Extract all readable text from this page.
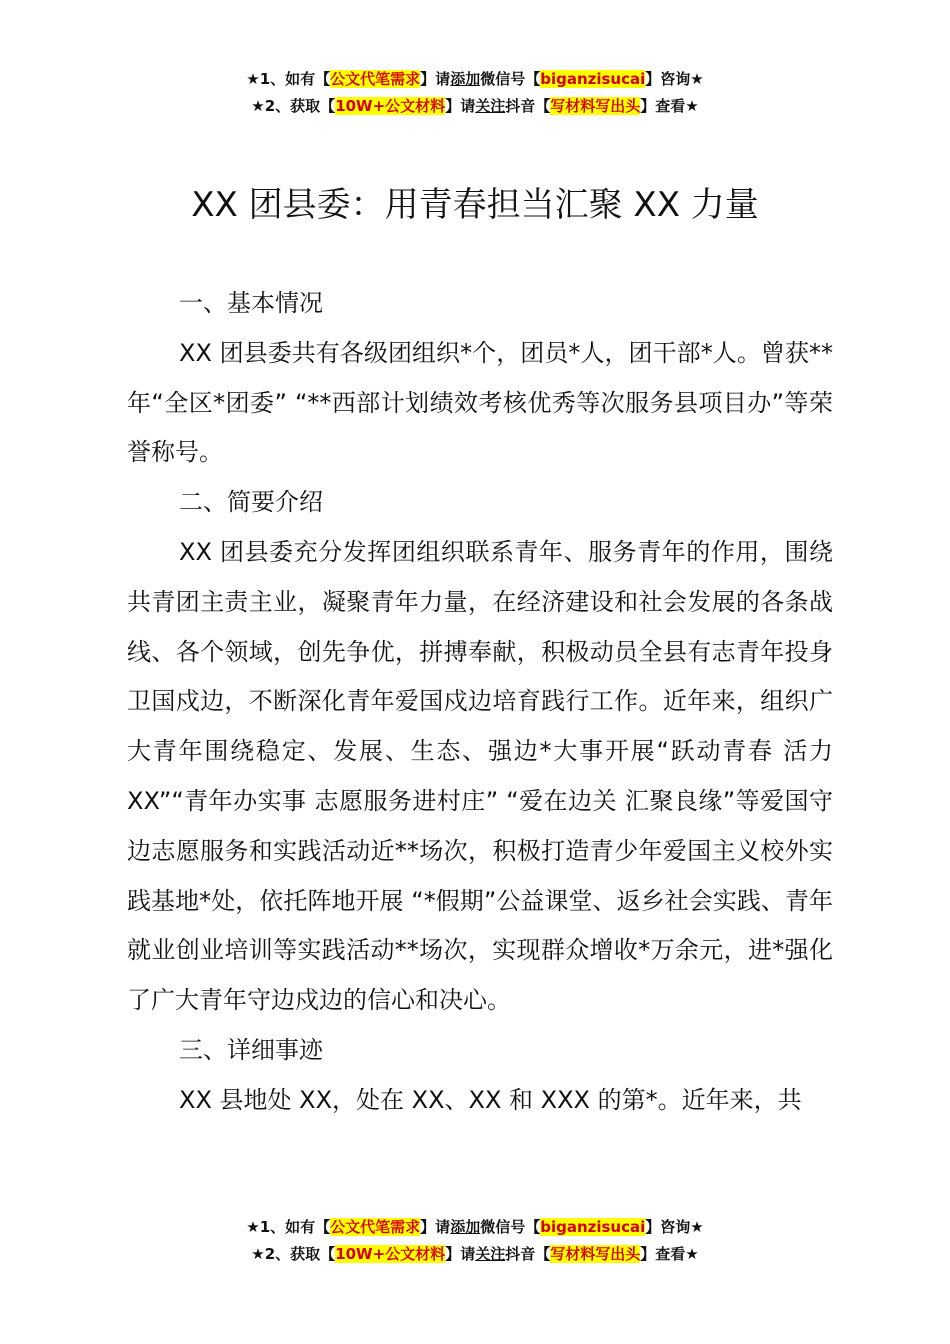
★1、如有【公文代笔需求】请添加微信号【biganzisucai】咨询★
★2、获取【10W+公文材料】请关注抖音【写材料写出头】查看★
XX 团县委：用青春担当汇聚 XX 力量

一、基本情况

XX 团县委共有各级团组织*个，团员*人，团干部*人。曾获**年“全区*团委” “**西部计划绩效考核优秀等次服务县项目办”等荣誉称号。

二、简要介绍

XX 团县委充分发挥团组织联系青年、服务青年的作用，围绕共青团主责主业，凝聚青年力量，在经济建设和社会发展的各条战线、各个领域，创先争优，拼搏奉献，积极动员全县有志青年投身卫国戍边，不断深化青年爱国戍边培育践行工作。近年来，组织广大青年围绕稳定、发展、生态、强边*大事开展“跃动青春 活力 XX”“青年办实事 志愿服务进村庄” “爱在边关 汇聚良缘”等爱国守边志愿服务和实践活动近**场次，积极打造青少年爱国主义校外实践基地*处，依托阵地开展 “*假期”公益课堂、返乡社会实践、青年就业创业培训等实践活动**场次，实现群众增收*万余元，进*强化了广大青年守边戍边的信心和决心。

三、详细事迹

XX 县地处 XX，处在 XX、XX 和 XXX 的第*。近年来，共

★1、如有【公文代笔需求】请添加微信号【biganzisucai】咨询★
★2、获取【10W+公文材料】请关注抖音【写材料写出头】查看★
